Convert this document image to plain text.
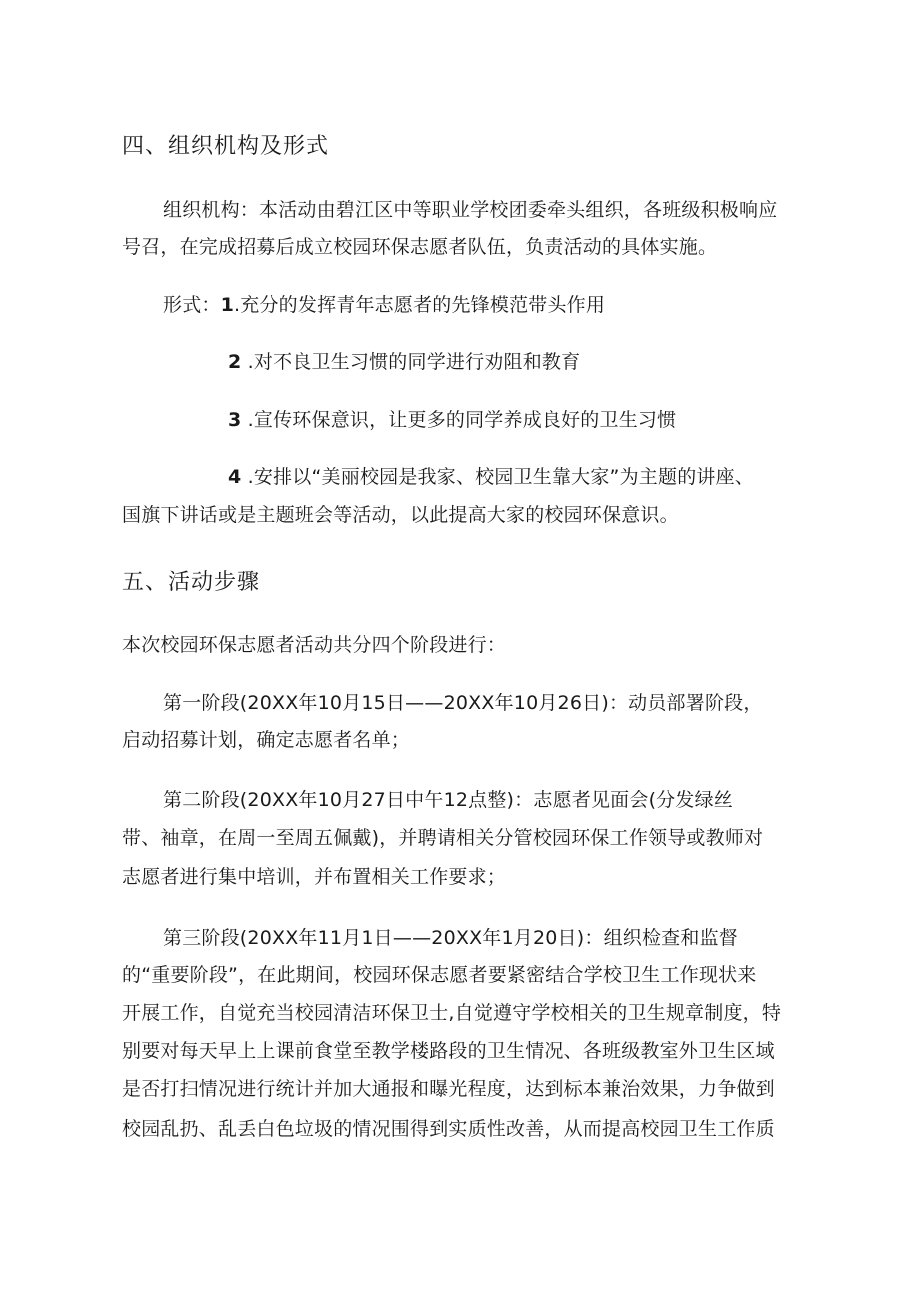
四、组织机构及形式
组织机构：本活动由碧江区中等职业学校团委牵头组织，各班级积极响应
号召，在完成招募后成立校园环保志愿者队伍，负责活动的具体实施。
形式：1.充分的发挥青年志愿者的先锋模范带头作用
2 .对不良卫生习惯的同学进行劝阻和教育
3 .宣传环保意识，让更多的同学养成良好的卫生习惯
4 .安排以“美丽校园是我家、校园卫生靠大家”为主题的讲座、
国旗下讲话或是主题班会等活动，以此提高大家的校园环保意识。
五、活动步骤
本次校园环保志愿者活动共分四个阶段进行：
第一阶段(20XX年10月15日——20XX年10月26日)：动员部署阶段，
启动招募计划，确定志愿者名单；
第二阶段(20XX年10月27日中午12点整)：志愿者见面会(分发绿丝
带、袖章，在周一至周五佩戴)，并聘请相关分管校园环保工作领导或教师对
志愿者进行集中培训，并布置相关工作要求；
第三阶段(20XX年11月1日——20XX年1月20日)：组织检查和监督
的“重要阶段”，在此期间，校园环保志愿者要紧密结合学校卫生工作现状来
开展工作，自觉充当校园清洁环保卫士,自觉遵守学校相关的卫生规章制度，特
别要对每天早上上课前食堂至教学楼路段的卫生情况、各班级教室外卫生区域
是否打扫情况进行统计并加大通报和曝光程度，达到标本兼治效果，力争做到
校园乱扔、乱丢白色垃圾的情况围得到实质性改善，从而提高校园卫生工作质
